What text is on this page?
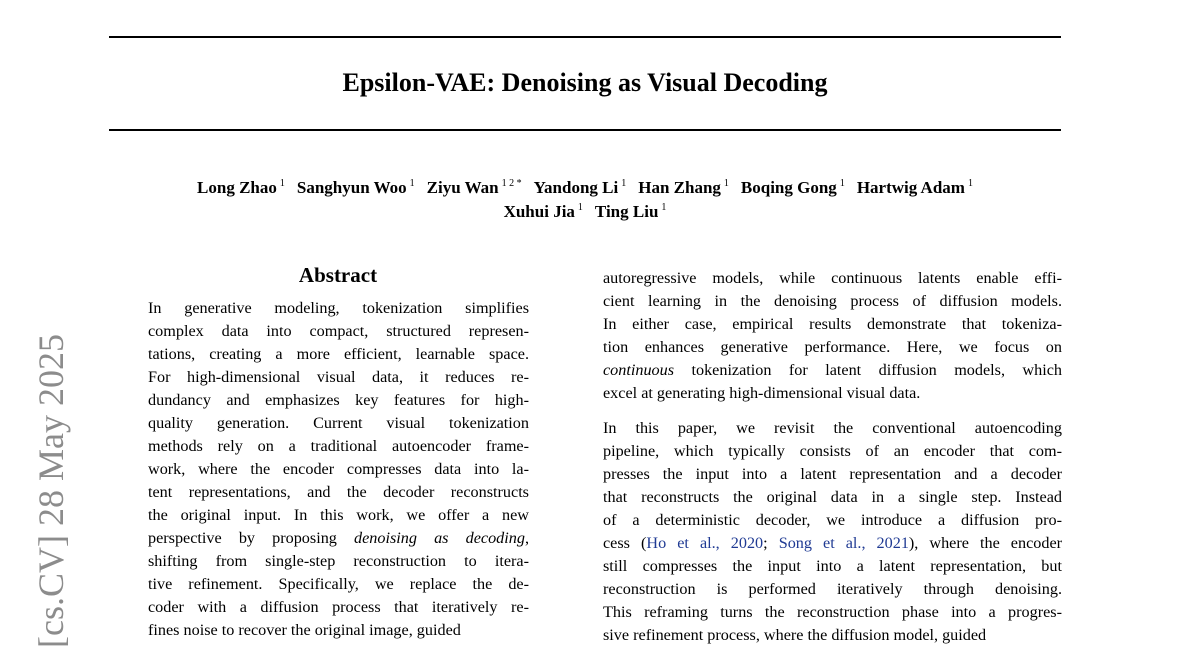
Epsilon-VAE: Denoising as Visual Decoding
Long Zhao $^1$ Sanghyun Woo $^1$ Ziyu Wan $^{1 2 *}$ Yandong Li $^1$ Han Zhang $^1$ Boqing Gong $^1$ Hartwig Adam $^1$
Xuhui Jia $^1$ Ting Liu $^1$
Abstract
In generative modeling, tokenization simplifies
complex data into compact, structured represen-
tations, creating a more efficient, learnable space.
For high-dimensional visual data, it reduces re-
dundancy and emphasizes key features for high-
quality generation. Current visual tokenization
methods rely on a traditional autoencoder frame-
work, where the encoder compresses data into la-
tent representations, and the decoder reconstructs
the original input. In this work, we offer a new
perspective by proposing denoising as decoding,
shifting from single-step reconstruction to itera-
tive refinement. Specifically, we replace the de-
coder with a diffusion process that iteratively re-
fines noise to recover the original image, guided
autoregressive models, while continuous latents enable effi-
cient learning in the denoising process of diffusion models.
In either case, empirical results demonstrate that tokeniza-
tion enhances generative performance. Here, we focus on
continuous tokenization for latent diffusion models, which
excel at generating high-dimensional visual data.
In this paper, we revisit the conventional autoencoding
pipeline, which typically consists of an encoder that com-
presses the input into a latent representation and a decoder
that reconstructs the original data in a single step. Instead
of a deterministic decoder, we introduce a diffusion pro-
cess (Ho et al., 2020; Song et al., 2021), where the encoder
still compresses the input into a latent representation, but
reconstruction is performed iteratively through denoising.
This reframing turns the reconstruction phase into a progres-
sive refinement process, where the diffusion model, guided
[cs.CV] 28 May 2025
